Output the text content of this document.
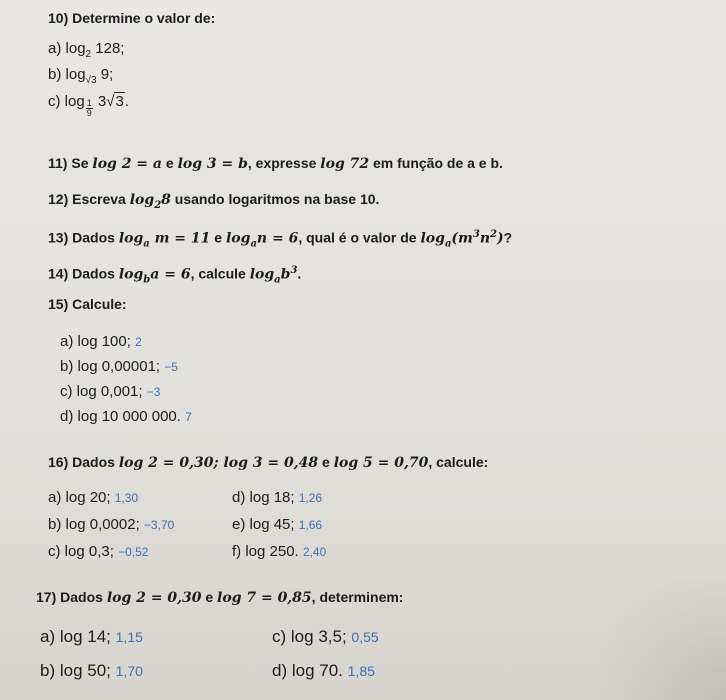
10) Determine o valor de:
a) $\log_2 128$;
b) $\log_{√3} 9$;
c) $\log \frac{1}{9} 3√3$.
11) Se log 2 = a e log 3 = b, expresse log 72 em função de a e b.
12) Escreva $\log_28$ usando logaritmos na base 10.
13) Dados $\log_a m = 11$ e $\log_an = 6$, qual é o valor de $\log_a(m^3n^2)$?
14) Dados $\log_ba = 6$, calcule $\log_ab^3$.
15) Calcule:
a) log 100; 2
b) log 0,00001; −5
c) log 0,001; −3
d) log 10 000 000. 7
16) Dados log 2 = 0,30; log 3 = 0,48 e log 5 = 0,70, calcule:
a) log 20; 1,30
b) log 0,0002; −3,70
c) log 0,3; −0,52
d) log 18; 1,26
e) log 45; 1,66
f) log 250. 2,40
17) Dados log 2 = 0,30 e log 7 = 0,85, determinem:
a) log 14; 1,15
b) log 50; 1,70
c) log 3,5; 0,55
d) log 70. 1,85
